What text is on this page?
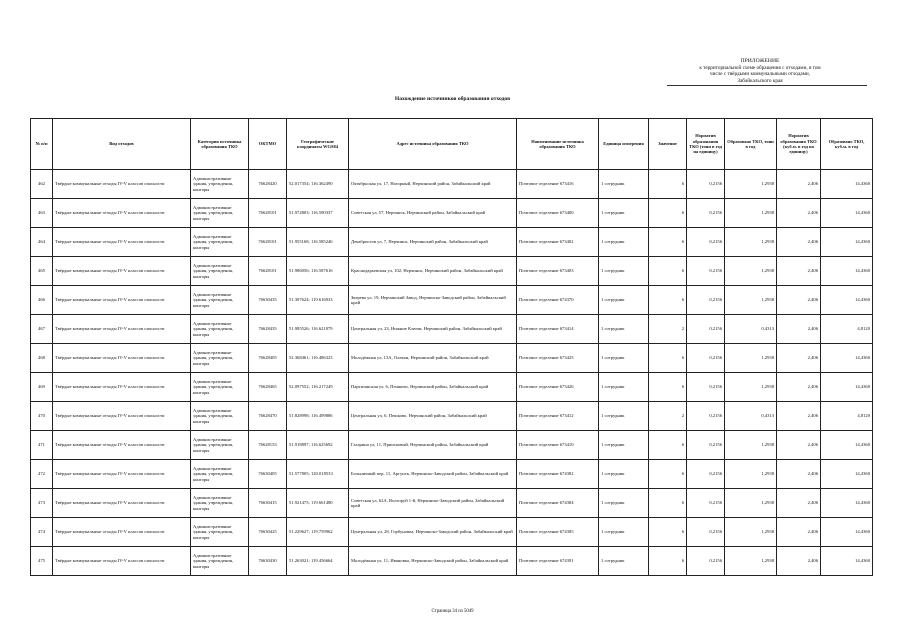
ПРИЛОЖЕНИЕ
к территориальной схеме обращения с отходами, в том
числе с твёрдыми коммунальными отходами,
Забайкальского края
Нахождение источников образования отходов
№ п/п	Вид отходов	Категория источника образования ТКО	ОКТМО	Географические координаты WGS84	Адрес источника образования ТКО	Наименование источника образования ТКО	Единица измерения	Значение	Норматив образования ТКО (тонн в год на единицу)	Образовано ТКО, тонн в год	Норматив образования ТКО (куб.м. в год на единицу)	Образовано ТКО, куб.м. в год
462	Твёрдые коммунальные отходы IV-V классов опасности	Административные здания, учреждения, конторы	76628420	52.017354; 116.362490	Октябрьская ул, 17, Нагорный, Нерчинский район, Забайкальский край	Почтовое отделение 673416	1 сотрудник	6	0,2156	1,2938	2,406	14,4360
463	Твёрдые коммунальные отходы IV-V классов опасности	Административные здания, учреждения, конторы	76628101	51.972803; 116.590337	Советская ул, 57, Нерчинск, Нерчинский район, Забайкальский край	Почтовое отделение 673400	1 сотрудник	6	0,2156	1,2938	2,406	14,4360
464	Твёрдые коммунальные отходы IV-V классов опасности	Административные здания, учреждения, конторы	76628101	51.955168; 116.585246	Декабристов ул, 7, Нерчинск, Нерчинский район, Забайкальский край	Почтовое отделение 673402	1 сотрудник	6	0,2156	1,2938	2,406	14,4360
465	Твёрдые коммунальные отходы IV-V классов опасности	Административные здания, учреждения, конторы	76628101	51.986056; 116.587616	Краснодарьевская ул, 102, Нерчинск, Нерчинский район, Забайкальский край	Почтовое отделение 673403	1 сотрудник	6	0,2156	1,2938	2,406	14,4360
466	Твёрдые коммунальные отходы IV-V классов опасности	Административные здания, учреждения, конторы	76630435	51.307624; 119.616933	Зверева ул, 19, Нерчинский Завод, Нерчинско-Заводский район, Забайкальский край	Почтовое отделение 674370	1 сотрудник	6	0,2156	1,2938	2,406	14,4360
467	Твёрдые коммунальные отходы IV-V классов опасности	Административные здания, учреждения, конторы	76628435	51.985526; 116.621079	Центральная ул, 23, Нижние Ключи, Нерчинский район, Забайкальский край	Почтовое отделение 673414	1 сотрудник	2	0,2156	0,4313	2,406	4,8120
468	Твёрдые коммунальные отходы IV-V классов опасности	Административные здания, учреждения, конторы	76628405	52.368461; 116.486323	Молодёжная ул, 13А, Олекан, Нерчинский район, Забайкальский край	Почтовое отделение 673425	1 сотрудник	6	0,2156	1,2938	2,406	14,4360
469	Твёрдые коммунальные отходы IV-V классов опасности	Административные здания, учреждения, конторы	76628465	52.097552; 116.217249	Партизанская ул, 6, Пешково, Нерчинский район, Забайкальский край	Почтовое отделение 673426	1 сотрудник	6	0,2156	1,2938	2,406	14,4360
470	Твёрдые коммунальные отходы IV-V классов опасности	Административные здания, учреждения, конторы	76628470	51.828998; 116.499886	Центральная ул, 6, Пешково, Нерчинский район, Забайкальский край	Почтовое отделение 673412	1 сотрудник	2	0,2156	0,4313	2,406	4,8120
471	Твёрдые коммунальные отходы IV-V классов опасности	Административные здания, учреждения, конторы	76628153	51.918897; 116.625692	Гагарина ул, 11, Приисковый, Нерчинский район, Забайкальский край	Почтовое отделение 673410	1 сотрудник	6	0,2156	1,2938	2,406	14,4360
472	Твёрдые коммунальные отходы IV-V классов опасности	Административные здания, учреждения, конторы	76630405	51.577805; 120.018533	Больничный пер, 11, Аргунск, Нерчинско-Заводский район, Забайкальский край	Почтовое отделение 674382	1 сотрудник	6	0,2156	1,2938	2,406	14,4360
473	Твёрдые коммунальные отходы IV-V классов опасности	Административные здания, учреждения, конторы	76630415	51.921475; 119.661480	Советская ул, 62А, Волгоруй 1-й, Нерчинско-Заводский район, Забайкальский край	Почтовое отделение 674384	1 сотрудник	6	0,2156	1,2938	2,406	14,4360
474	Твёрдые коммунальные отходы IV-V классов опасности	Административные здания, учреждения, конторы	76630425	51.229627; 119.759962	Центральная ул, 28, Горбуновка, Нерчинско-Заводский район, Забайкальский край	Почтовое отделение 674385	1 сотрудник	6	0,2156	1,2938	2,406	14,4360
475	Твёрдые коммунальные отходы IV-V классов опасности	Административные здания, учреждения, конторы	76630430	51.263021; 119.456664	Молодёжная ул, 11, Ивановка, Нерчинско-Заводский район, Забайкальский край	Почтовое отделение 674391	1 сотрудник	6	0,2156	1,2938	2,406	14,4360
Страница 34 из 5049
